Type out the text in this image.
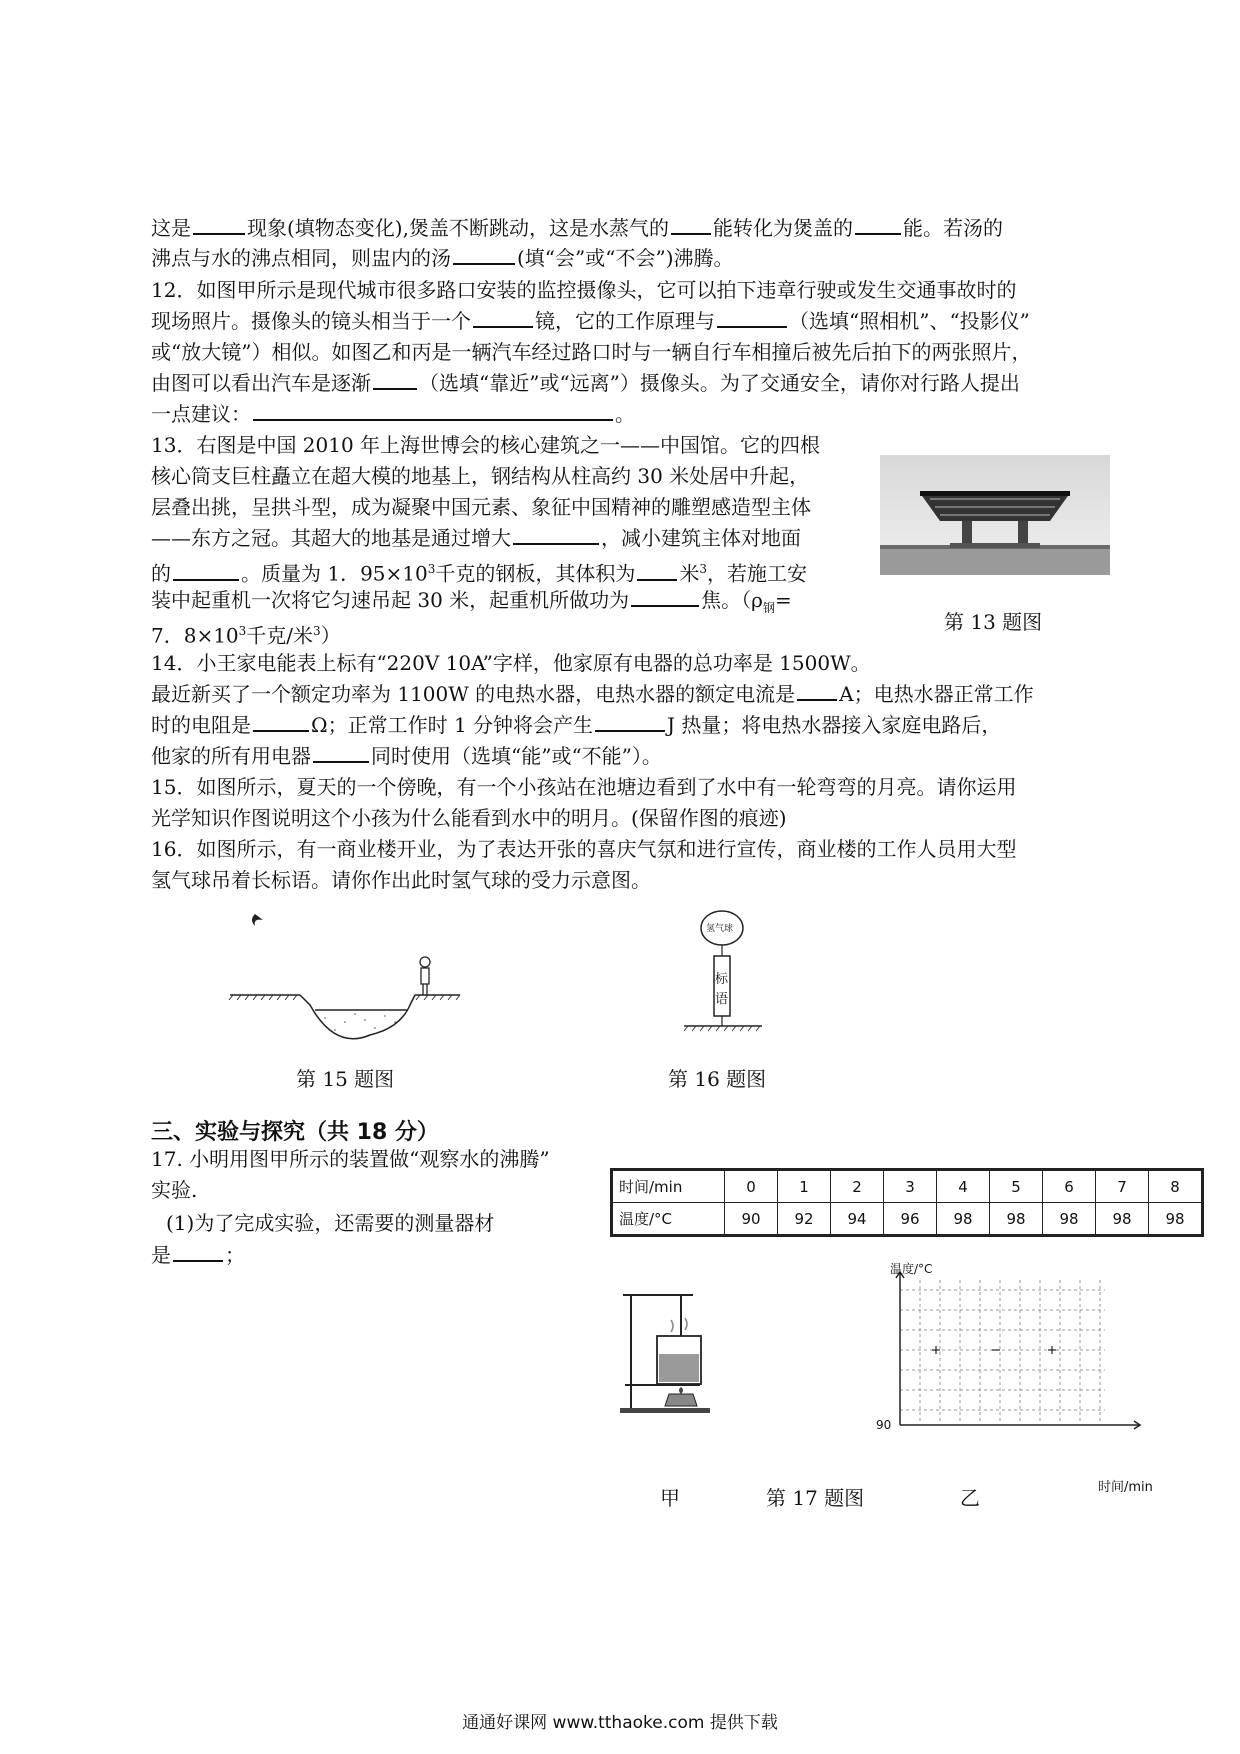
这是	现象(填物态变化),煲盖不断跳动，这是水蒸气的 能转化为煲盖的	能。若汤的
沸点与水的沸点相同，则盅内的汤	(填“会”或“不会”)沸腾。
12．如图甲所示是现代城市很多路口安装的监控摄像头，它可以拍下违章行驶或发生交通事故时的
现场照片。摄像头的镜头相当于一个	镜，它的工作原理与	（选填“照相机”、“投影仪”
或“放大镜”）相似。如图乙和丙是一辆汽车经过路口时与一辆自行车相撞后被先后拍下的两张照片，
由图可以看出汽车是逐渐 （选填“靠近”或“远离”）摄像头。为了交通安全，请你对行路人提出
一点建议：	。
13．右图是中国 2010 年上海世博会的核心建筑之一——中国馆。它的四根
核心筒支巨柱矗立在超大模的地基上，钢结构从柱高约 30 米处居中升起，
层叠出挑，呈拱斗型，成为凝聚中国元素、象征中国精神的雕塑感造型主体
——东方之冠。其超大的地基是通过增大	，减小建筑主体对地面
的	。质量为 1．$95\times 10^3$千克的钢板，其体积为 米$^3$，若施工安
装中起重机一次将它匀速吊起 30 米，起重机所做功为	焦。（$\rho_钢=$
7．$8\times 10^3$千克/米$^3$）
第 13 题图
14．小王家电能表上标有“220V 10A”字样，他家原有电器的总功率是 1500W。
最近新买了一个额定功率为 1100W 的电热水器，电热水器的额定电流是 A；电热水器正常工作
时的电阻是	Ω；正常工作时 1 分钟将会产生	J 热量；将电热水器接入家庭电路后，
他家的所有用电器	同时使用（选填“能”或“不能”）。
15．如图所示，夏天的一个傍晚，有一个小孩站在池塘边看到了水中有一轮弯弯的月亮。请你运用
光学知识作图说明这个小孩为什么能看到水中的明月。(保留作图的痕迹)
16．如图所示，有一商业楼开业，为了表达开张的喜庆气氛和进行宣传，商业楼的工作人员用大型
氢气球吊着长标语。请你作出此时氢气球的受力示意图。
第 15 题图
氢气球
标
语
第 16 题图
三、实验与探究（共 18 分）
17. 小明用图甲所示的装置做“观察水的沸腾”
实验.
(1)为了完成实验，还需要的测量器材
是	；
时间/min	0	1	2	3	4	5	6	7	8
温度/°C	90	92	94	96	98	98	98	98	98
温度/°C
90
时间/min
甲	第 17 题图	乙
通通好课网 www.tthaoke.com 提供下载
